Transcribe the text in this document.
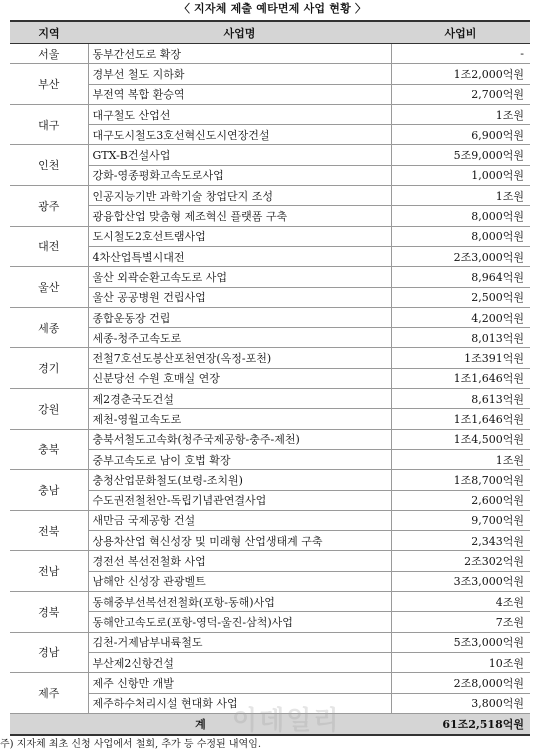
〈 지자체 제출 예타면제 사업 현황 〉
지역	사업명	사업비
서울	동부간선도로 확장	-
부산	경부선 철도 지하화	1조2,000억원
	부전역 복합 환승역	2,700억원
대구	대구철도 산업선	1조원
	대구도시철도3호선혁신도시연장건설	6,900억원
인천	GTX-B건설사업	5조9,000억원
	강화-영종평화고속도로사업	1,000억원
광주	인공지능기반 과학기술 창업단지 조성	1조원
	광융합산업 맞춤형 제조혁신 플랫폼 구축	8,000억원
대전	도시철도2호선트램사업	8,000억원
	4차산업특별시대전	2조3,000억원
울산	울산 외곽순환고속도로 사업	8,964억원
	울산 공공병원 건립사업	2,500억원
세종	종합운동장 건립	4,200억원
	세종-청주고속도로	8,013억원
경기	전철7호선도봉산포천연장(옥정-포천)	1조391억원
	신분당선 수원 호매실 연장	1조1,646억원
강원	제2경춘국도건설	8,613억원
	제천-영월고속도로	1조1,646억원
충북	충북서철도고속화(청주국제공항-충주-제천)	1조4,500억원
	중부고속도로 남이 호법 확장	1조원
충남	충청산업문화철도(보령-조치원)	1조8,700억원
	수도권전철천안-독립기념관연결사업	2,600억원
전북	새만금 국제공항 건설	9,700억원
	상용차산업 혁신성장 및 미래형 산업생태계 구축	2,343억원
전남	경전선 복선전철화 사업	2조302억원
	남해안 신성장 관광벨트	3조3,000억원
경북	동해중부선복선전철화(포항-동해)사업	4조원
	동해안고속도로(포항-영덕-울진-삼척)사업	7조원
경남	김천-거제남부내륙철도	5조3,000억원
	부산제2신항건설	10조원
제주	제주 신항만 개발	2조8,000억원
	제주하수처리시설 현대화 사업	3,800억원
계		61조2,518억원
이데일리
주) 지자체 최초 신청 사업에서 철회, 추가 등 수정된 내역임.
